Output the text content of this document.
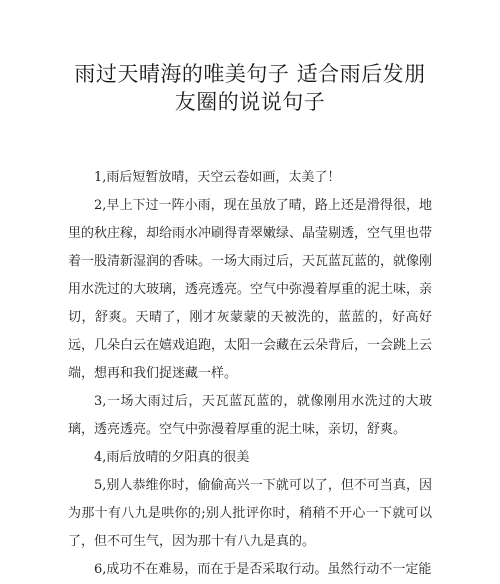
雨过天晴海的唯美句子 适合雨后发朋
友圈的说说句子

1,雨后短暂放晴，天空云卷如画，太美了！

2,早上下过一阵小雨，现在虽放了晴，路上还是滑得很，地里的秋庄稼，却给雨水冲刷得青翠嫩绿、晶莹剔透，空气里也带着一股清新湿润的香味。一场大雨过后，天瓦蓝瓦蓝的，就像刚用水洗过的大玻璃，透亮透亮。空气中弥漫着厚重的泥土味，亲切，舒爽。天晴了，刚才灰蒙蒙的天被洗的，蓝蓝的，好高好远，几朵白云在嬉戏追跑，太阳一会藏在云朵背后，一会跳上云端，想再和我们捉迷藏一样。

3,一场大雨过后，天瓦蓝瓦蓝的，就像刚用水洗过的大玻璃，透亮透亮。空气中弥漫着厚重的泥土味，亲切，舒爽。

4,雨后放晴的夕阳真的很美

5,别人恭维你时，偷偷高兴一下就可以了，但不可当真，因为那十有八九是哄你的;别人批评你时，稍稍不开心一下就可以了，但不可生气，因为那十有八九是真的。

6,成功不在难易，而在于是否采取行动。虽然行动不一定能
